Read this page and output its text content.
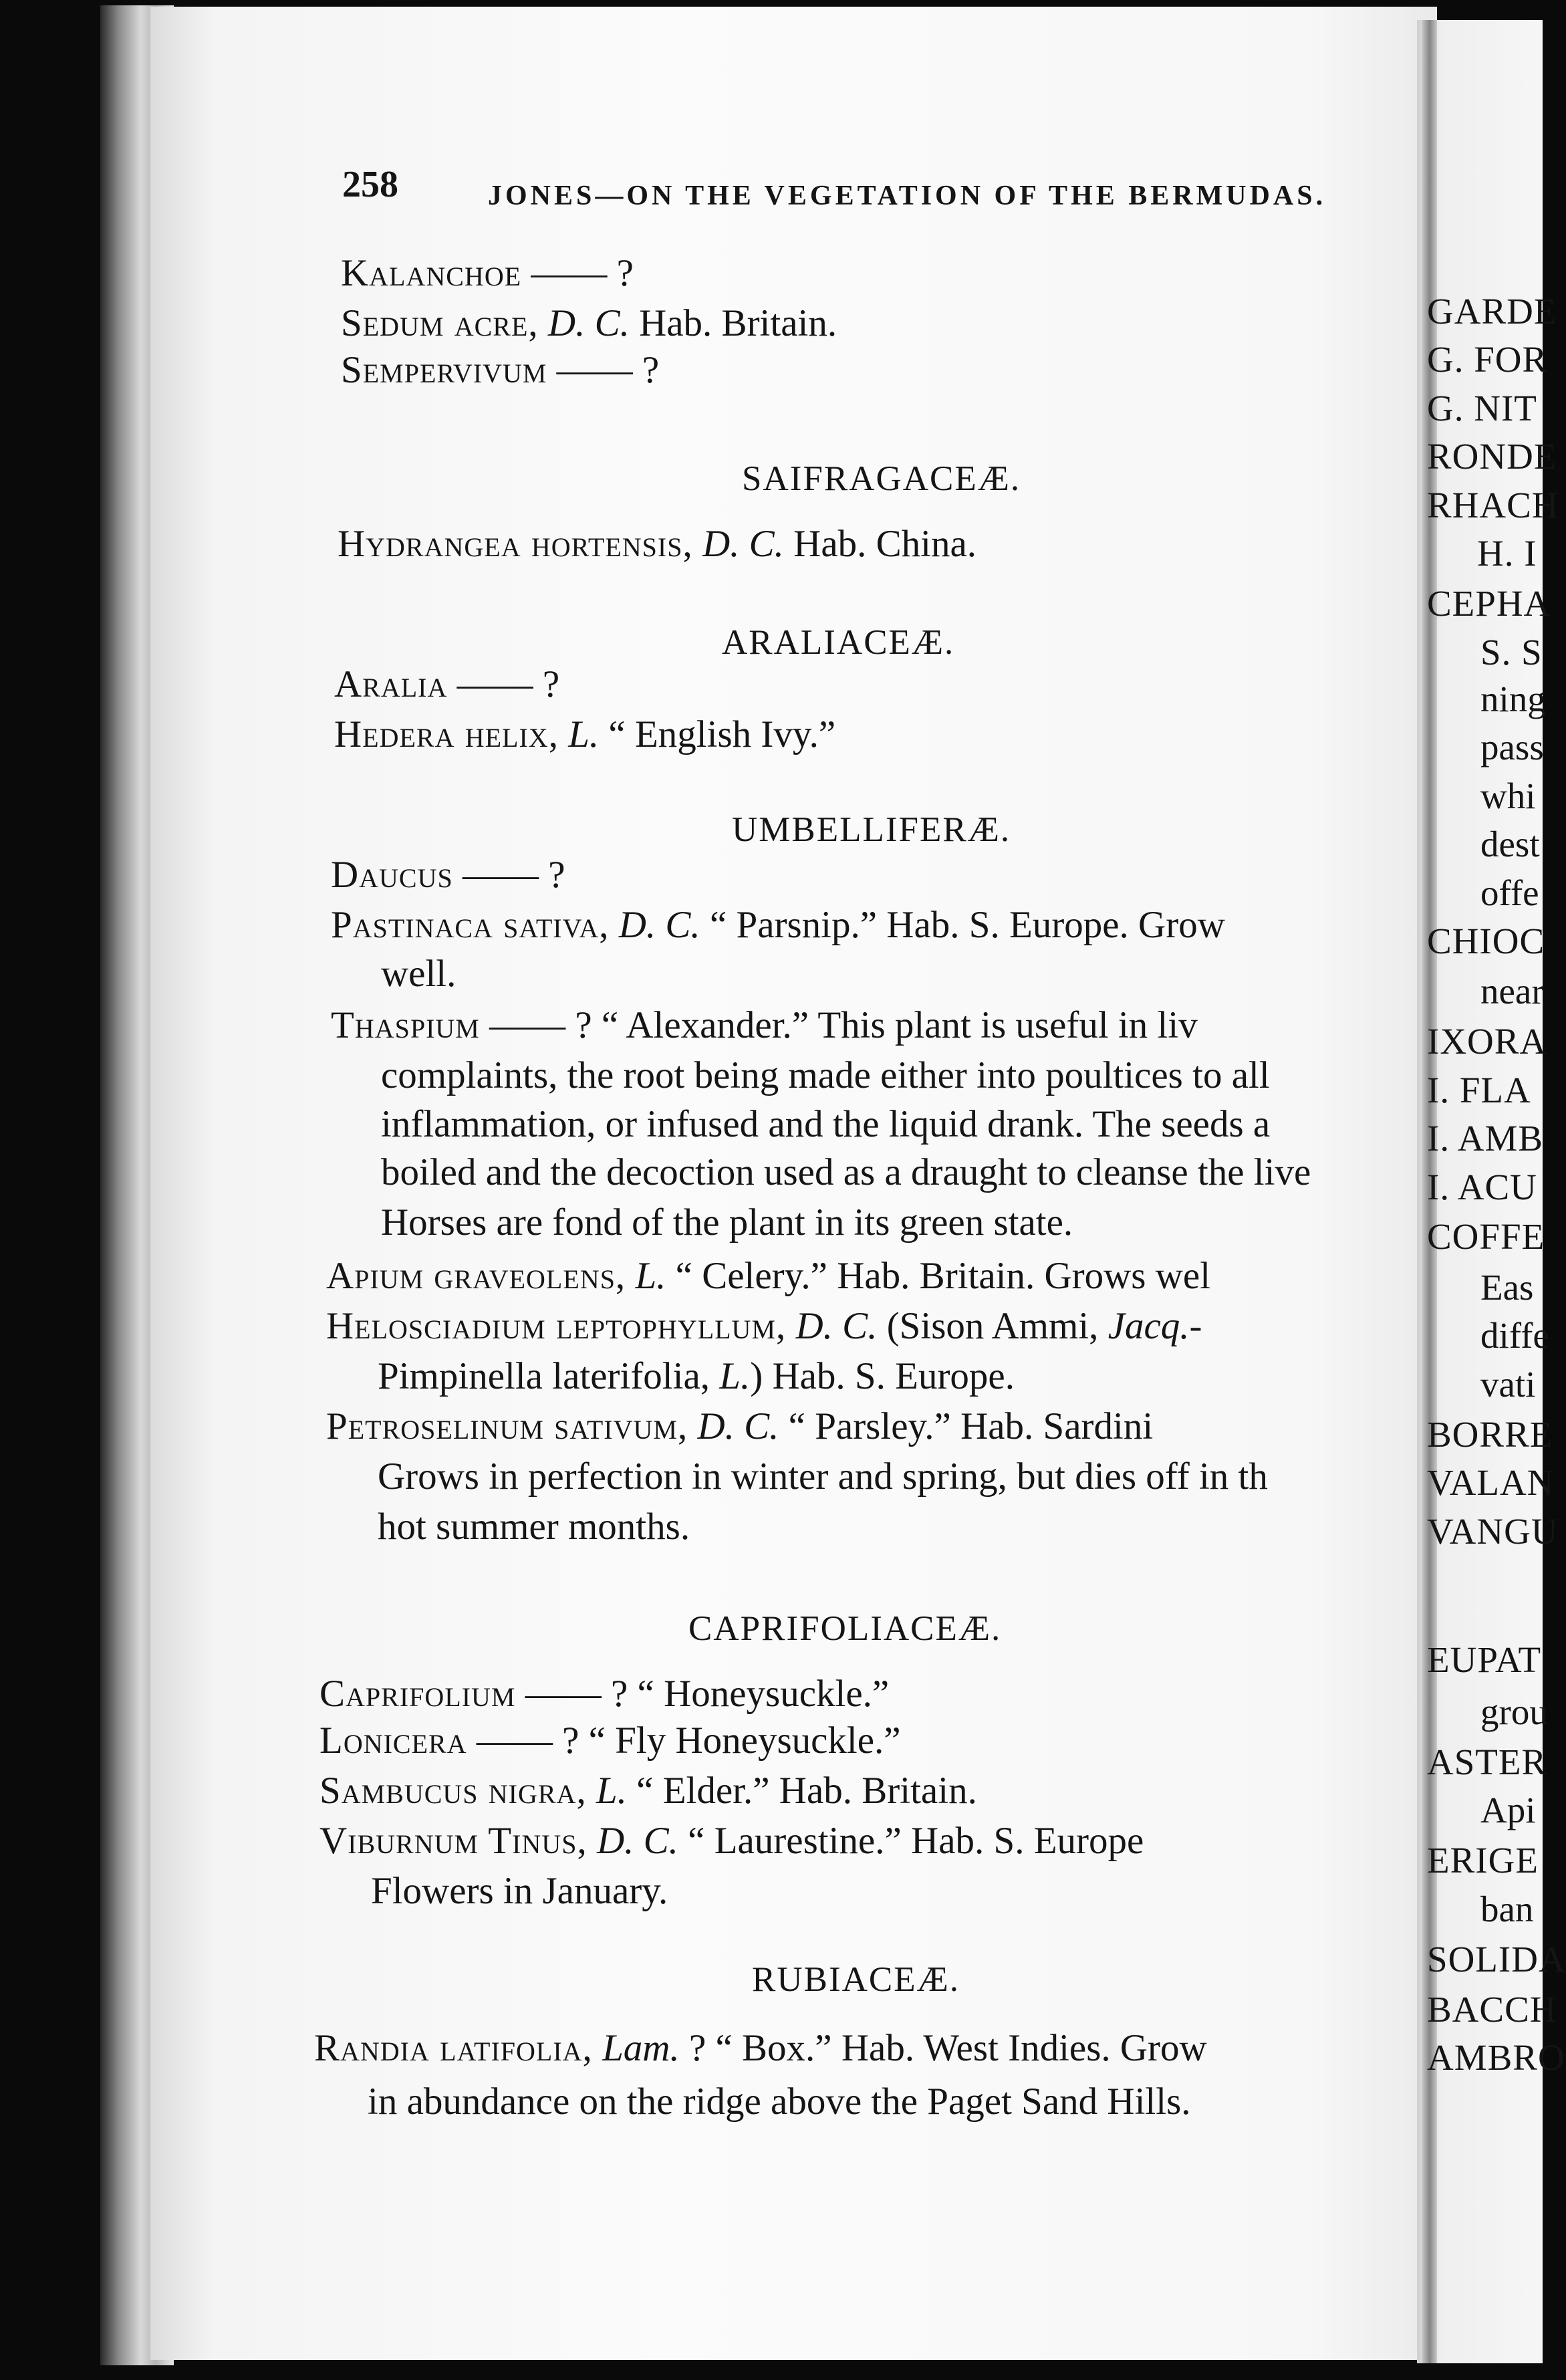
258	JONES—ON THE VEGETATION OF THE BERMUDAS.
Kalanchoe —— ?
Sedum acre, D. C. Hab. Britain.
Sempervivum —— ?
SAIFRAGACEÆ.
Hydrangea hortensis, D. C. Hab. China.
ARALIACEÆ.
Aralia —— ?
Hedera helix, L. “ English Ivy.”
UMBELLIFERÆ.
Daucus —— ?
Pastinaca sativa, D. C. “ Parsnip.” Hab. S. Europe. Grow
well.
Thaspium —— ? “ Alexander.” This plant is useful in liv
complaints, the root being made either into poultices to all
inflammation, or infused and the liquid drank. The seeds a
boiled and the decoction used as a draught to cleanse the live
Horses are fond of the plant in its green state.
Apium graveolens, L. “ Celery.” Hab. Britain. Grows wel
Helosciadium leptophyllum, D. C. (Sison Ammi, Jacq.-
Pimpinella laterifolia, L.) Hab. S. Europe.
Petroselinum sativum, D. C. “ Parsley.” Hab. Sardini
Grows in perfection in winter and spring, but dies off in th
hot summer months.
CAPRIFOLIACEÆ.
Caprifolium —— ? “ Honeysuckle.”
Lonicera —— ? “ Fly Honeysuckle.”
Sambucus nigra, L. “ Elder.” Hab. Britain.
Viburnum Tinus, D. C. “ Laurestine.” Hab. S. Europe
Flowers in January.
RUBIACEÆ.
Randia latifolia, Lam. ? “ Box.” Hab. West Indies. Grow
in abundance on the ridge above the Paget Sand Hills.
GARDE
G. FOR
G. NIT
RONDE
RHACH
H. I
CEPHA
S. S
ning
pass
whi
dest
offe
CHIOC
near
IXORA
I. FLA
I. AMB
I. ACU
COFFE
Eas
diffe
vati
BORRE
VALAN
VANGU
EUPAT
grou
ASTER
Api
ERIGE
ban
SOLIDA
BACCH
AMBRO
